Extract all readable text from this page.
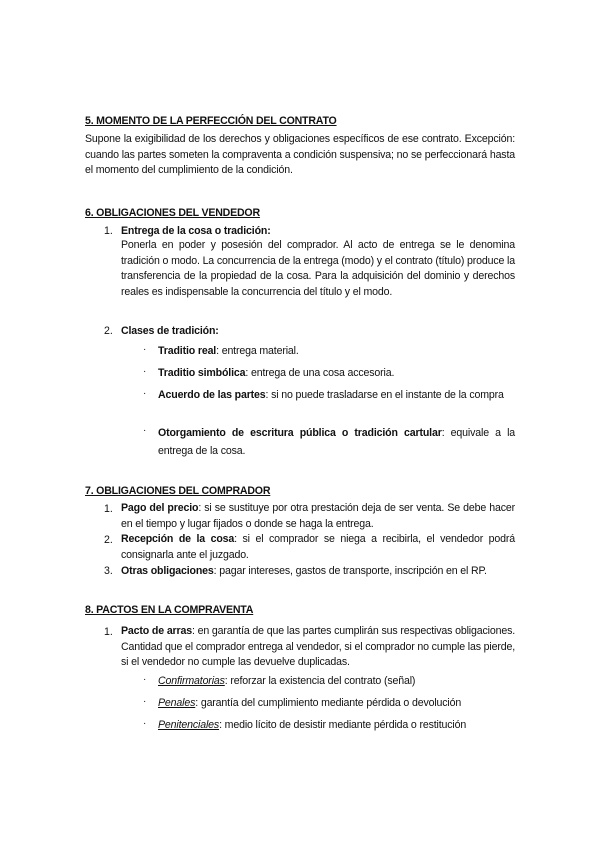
5. MOMENTO DE LA PERFECCIÓN DEL CONTRATO
Supone la exigibilidad de los derechos y obligaciones específicos de ese contrato. Excepción: cuando las partes someten la compraventa a condición suspensiva; no se perfeccionará hasta el momento del cumplimiento de la condición.
6. OBLIGACIONES DEL VENDEDOR
1. Entrega de la cosa o tradición:
Ponerla en poder y posesión del comprador. Al acto de entrega se le denomina tradición o modo. La concurrencia de la entrega (modo) y el contrato (título) produce la transferencia de la propiedad de la cosa. Para la adquisición del dominio y derechos reales es indispensable la concurrencia del título y el modo.
2. Clases de tradición:
· Traditio real: entrega material.
· Traditio simbólica: entrega de una cosa accesoria.
· Acuerdo de las partes: si no puede trasladarse en el instante de la compra
· Otorgamiento de escritura pública o tradición cartular: equivale a la entrega de la cosa.
7. OBLIGACIONES DEL COMPRADOR
1. Pago del precio: si se sustituye por otra prestación deja de ser venta. Se debe hacer en el tiempo y lugar fijados o donde se haga la entrega.
2. Recepción de la cosa: si el comprador se niega a recibirla, el vendedor podrá consignarla ante el juzgado.
3. Otras obligaciones: pagar intereses, gastos de transporte, inscripción en el RP.
8. PACTOS EN LA COMPRAVENTA
1. Pacto de arras: en garantía de que las partes cumplirán sus respectivas obligaciones. Cantidad que el comprador entrega al vendedor, si el comprador no cumple las pierde, si el vendedor no cumple las devuelve duplicadas.
· Confirmatorias: reforzar la existencia del contrato (señal)
· Penales: garantía del cumplimiento mediante pérdida o devolución
· Penitenciales: medio lícito de desistir mediante pérdida o restitución
